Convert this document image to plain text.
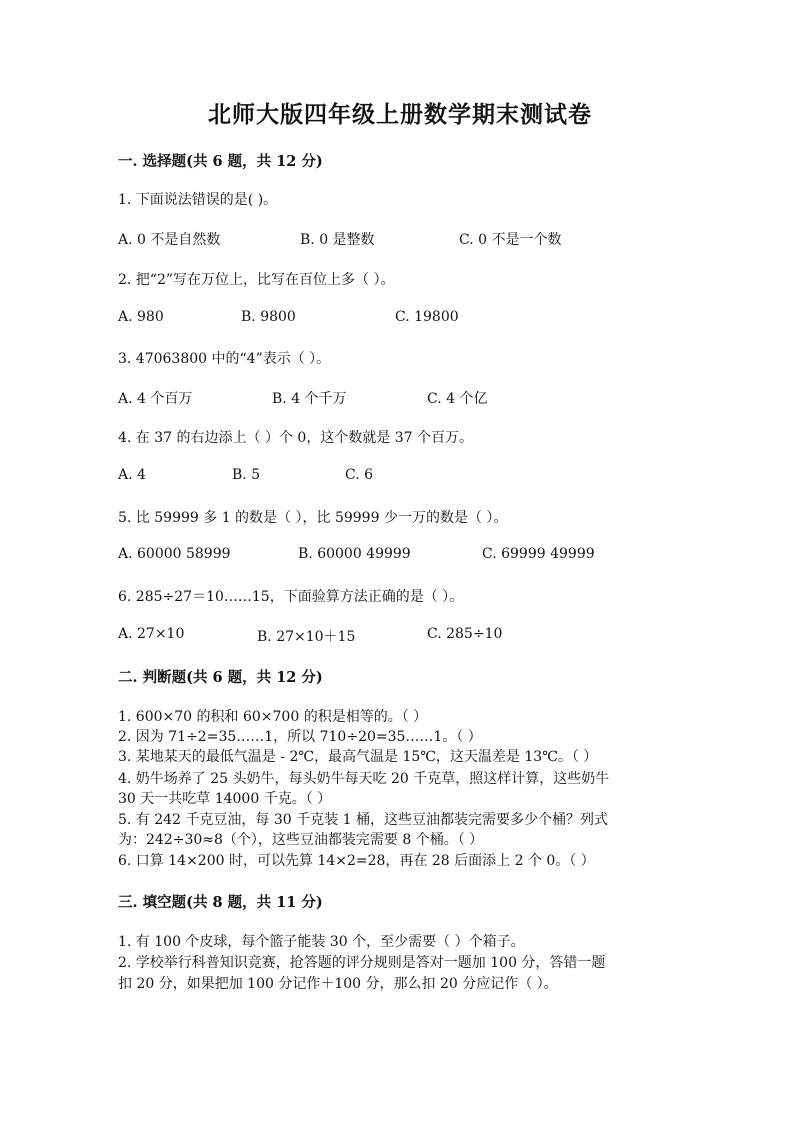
北师大版四年级上册数学期末测试卷
一. 选择题(共 6 题，共 12 分)
1. 下面说法错误的是( )。
A. 0 不是自然数	B. 0 是整数	C. 0 不是一个数
2. 把“2”写在万位上，比写在百位上多（ ）。
A. 980	B. 9800	C. 19800
3. 47063800 中的“4”表示（ ）。
A. 4 个百万	B. 4 个千万	C. 4 个亿
4. 在 37 的右边添上（ ）个 0，这个数就是 37 个百万。
A. 4	B. 5	C. 6
5. 比 59999 多 1 的数是（ ），比 59999 少一万的数是（ ）。
A. 60000 58999	B. 60000 49999	C. 69999 49999
6. 285÷27＝10……15，下面验算方法正确的是（ ）。
A. 27×10	B. 27×10＋15	C. 285÷10
二. 判断题(共 6 题，共 12 分)
1. 600×70 的积和 60×700 的积是相等的。（ ）
2. 因为 71÷2=35……1，所以 710÷20=35……1。（ ）
3. 某地某天的最低气温是 - 2℃，最高气温是 15℃，这天温差是 13℃。（ ）
4. 奶牛场养了 25 头奶牛，每头奶牛每天吃 20 千克草，照这样计算，这些奶牛
30 天一共吃草 14000 千克。（ ）
5. 有 242 千克豆油，每 30 千克装 1 桶，这些豆油都装完需要多少个桶？列式
为：242÷30≈8（个），这些豆油都装完需要 8 个桶。（ ）
6. 口算 14×200 时，可以先算 14×2=28，再在 28 后面添上 2 个 0。（ ）
三. 填空题(共 8 题，共 11 分)
1. 有 100 个皮球，每个篮子能装 30 个，至少需要（ ）个箱子。
2. 学校举行科普知识竞赛，抢答题的评分规则是答对一题加 100 分，答错一题
扣 20 分，如果把加 100 分记作＋100 分，那么扣 20 分应记作（ ）。
